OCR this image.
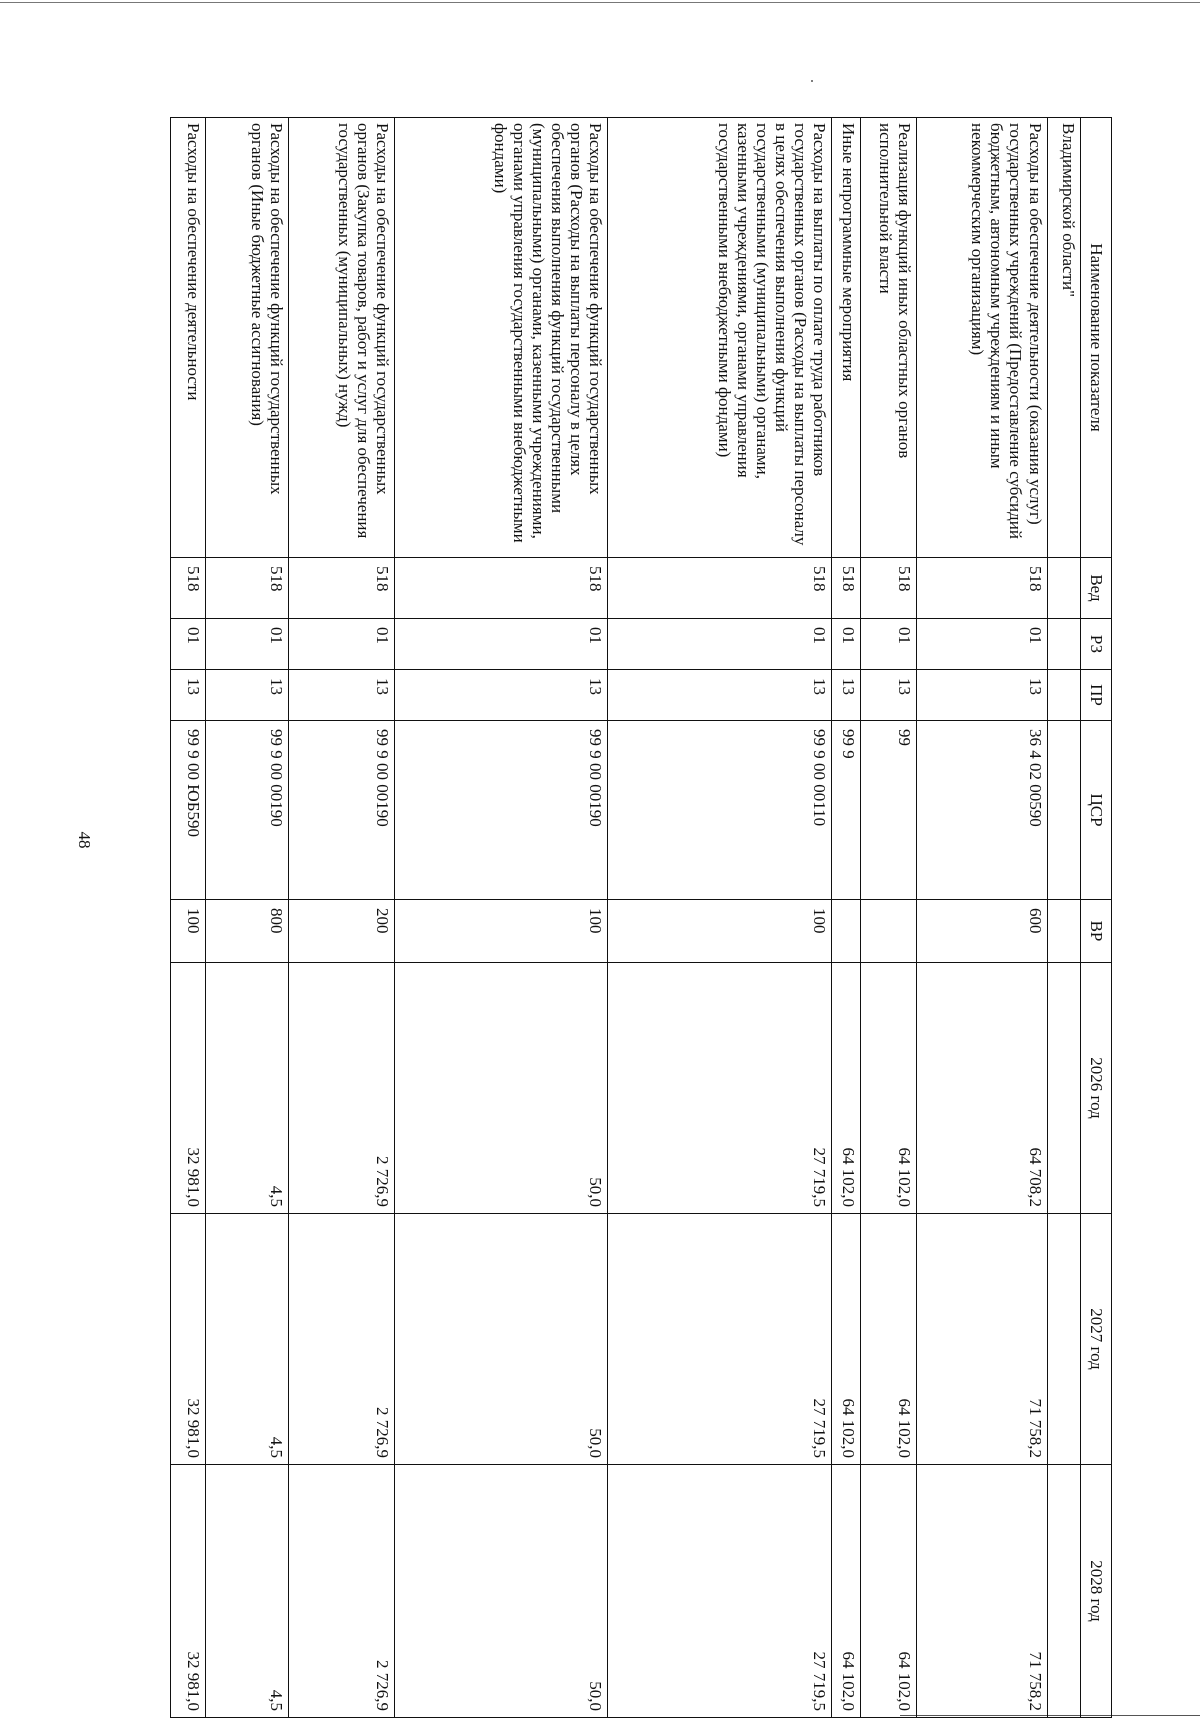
48
Наименование показателя	Вед	РЗ	ПР	ЦСР	ВР	2026 год	2027 год	2028 год
Владимирской области"								
Расходы на обеспечение деятельности (оказания услуг) государственных учреждений (Предоставление субсидий бюджетным, автономным учреждениям и иным некоммерческим организациям)	518	01	13	36 4 02 00590	600	64 708,2	71 758,2	71 758,2
Реализация функций иных областных органов исполнительной власти	518	01	13	99		64 102,0	64 102,0	64 102,0
Иные непрограммные мероприятия	518	01	13	99 9		64 102,0	64 102,0	64 102,0
Расходы на выплаты по оплате труда работников государственных органов (Расходы на выплаты персоналу в целях обеспечения выполнения функций государственными (муниципальными) органами, казенными учреждениями, органами управления государственными внебюджетными фондами)	518	01	13	99 9 00 00110	100	27 719,5	27 719,5	27 719,5
Расходы на обеспечение функций государственных органов (Расходы на выплаты персоналу в целях обеспечения выполнения функций государственными (муниципальными) органами, казенными учреждениями, органами управления государственными внебюджетными фондами)	518	01	13	99 9 00 00190	100	50,0	50,0	50,0
Расходы на обеспечение функций государственных органов (Закупка товаров, работ и услуг для обеспечения государственных (муниципальных) нужд)	518	01	13	99 9 00 00190	200	2 726,9	2 726,9	2 726,9
Расходы на обеспечение функций государственных органов (Иные бюджетные ассигнования)	518	01	13	99 9 00 00190	800	4,5	4,5	4,5
Расходы на обеспечение деятельности	518	01	13	99 9 00 ЮБ590	100	32 981,0	32 981,0	32 981,0
